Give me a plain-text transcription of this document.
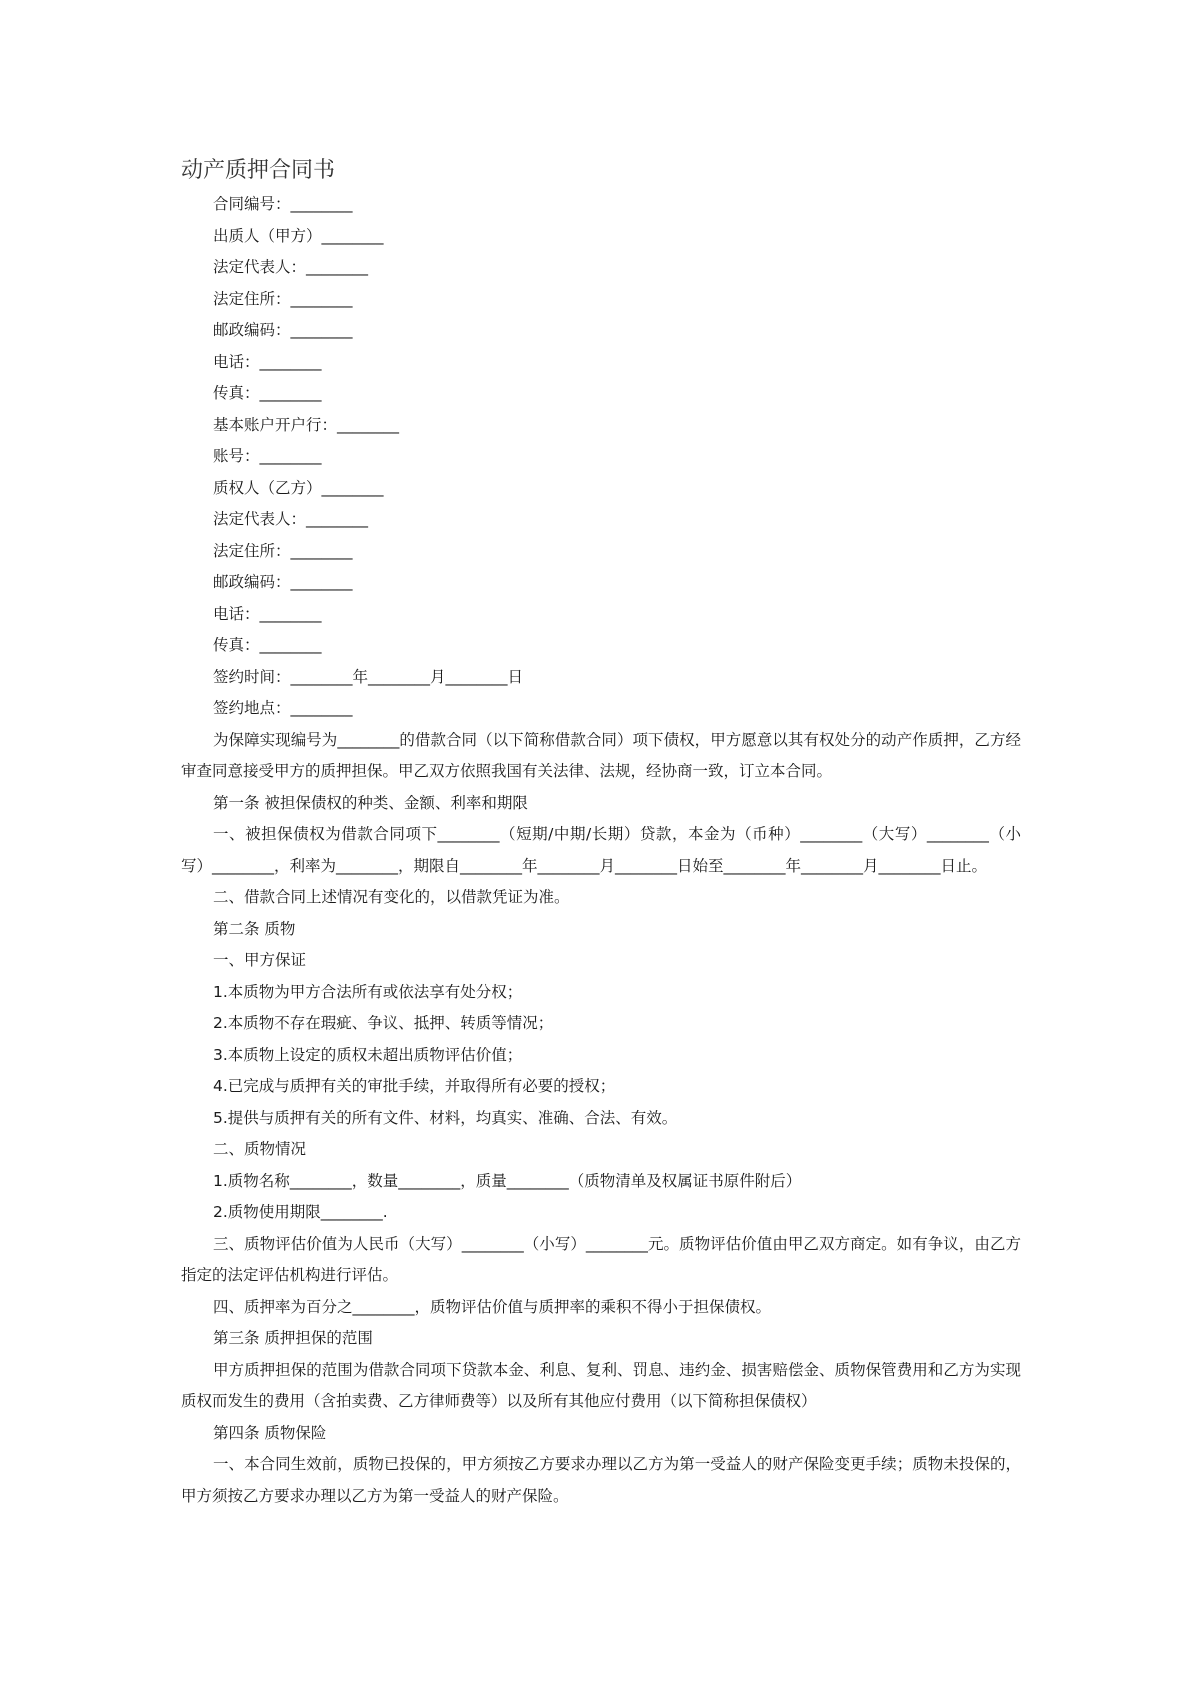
动产质押合同书

合同编号：________

出质人（甲方）________

法定代表人：________

法定住所：________

邮政编码：________

电话：________

传真：________

基本账户开户行：________

账号：________

质权人（乙方）________

法定代表人：________

法定住所：________

邮政编码：________

电话：________

传真：________

签约时间：________年________月________日

签约地点：________

为保障实现编号为________的借款合同（以下简称借款合同）项下债权，甲方愿意以其有权处分的动产作质押，乙方经审查同意接受甲方的质押担保。甲乙双方依照我国有关法律、法规，经协商一致，订立本合同。

第一条 被担保债权的种类、金额、利率和期限

一、被担保债权为借款合同项下________（短期/中期/长期）贷款，本金为（币种）________（大写）________（小写）________，利率为________，期限自________年________月________日始至________年________月________日止。

二、借款合同上述情况有变化的，以借款凭证为准。

第二条 质物

一、甲方保证

1.本质物为甲方合法所有或依法享有处分权；

2.本质物不存在瑕疵、争议、抵押、转质等情况；

3.本质物上设定的质权未超出质物评估价值；

4.已完成与质押有关的审批手续，并取得所有必要的授权；

5.提供与质押有关的所有文件、材料，均真实、准确、合法、有效。

二、质物情况

1.质物名称________，数量________，质量________（质物清单及权属证书原件附后）

2.质物使用期限________.

三、质物评估价值为人民币（大写）________（小写）________元。质物评估价值由甲乙双方商定。如有争议，由乙方指定的法定评估机构进行评估。

四、质押率为百分之________，质物评估价值与质押率的乘积不得小于担保债权。

第三条 质押担保的范围

甲方质押担保的范围为借款合同项下贷款本金、利息、复利、罚息、违约金、损害赔偿金、质物保管费用和乙方为实现质权而发生的费用（含拍卖费、乙方律师费等）以及所有其他应付费用（以下简称担保债权）

第四条 质物保险

一、本合同生效前，质物已投保的，甲方须按乙方要求办理以乙方为第一受益人的财产保险变更手续；质物未投保的，甲方须按乙方要求办理以乙方为第一受益人的财产保险。
